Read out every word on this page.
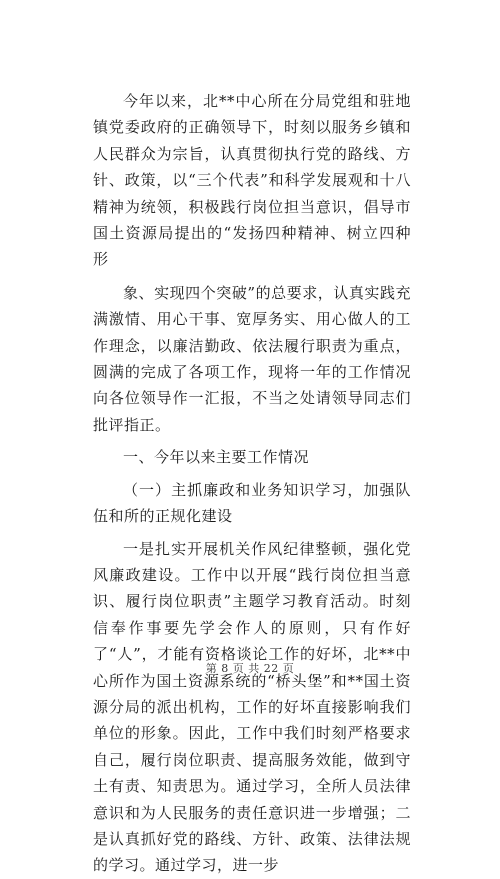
今年以来，北**中心所在分局党组和驻地镇党委政府的正确领导下，时刻以服务乡镇和人民群众为宗旨，认真贯彻执行党的路线、方针、政策，以“三个代表”和科学发展观和十八精神为统领，积极践行岗位担当意识，倡导市国土资源局提出的“发扬四种精神、树立四种形

象、实现四个突破”的总要求，认真实践充满激情、用心干事、宽厚务实、用心做人的工作理念，以廉洁勤政、依法履行职责为重点，圆满的完成了各项工作，现将一年的工作情况向各位领导作一汇报，不当之处请领导同志们批评指正。

一、今年以来主要工作情况

（一）主抓廉政和业务知识学习，加强队伍和所的正规化建设

一是扎实开展机关作风纪律整顿，强化党风廉政建设。工作中以开展“践行岗位担当意识、履行岗位职责”主题学习教育活动。时刻信奉作事要先学会作人的原则，只有作好了“人”，才能有资格谈论工作的好坏，北**中心所作为国土资源系统的“桥头堡”和**国土资源分局的派出机构，工作的好坏直接影响我们单位的形象。因此，工作中我们时刻严格要求自己，履行岗位职责、提高服务效能，做到守土有责、知责思为。通过学习，全所人员法律意识和为人民服务的责任意识进一步增强；二是认真抓好党的路线、方针、政策、法律法规的学习。通过学习，进一步

第 8 页 共 22 页
